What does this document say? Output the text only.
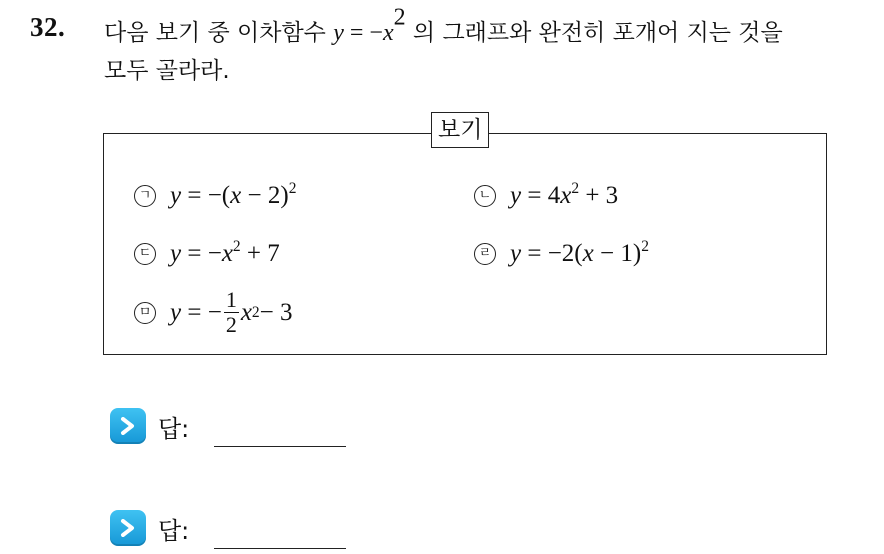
32. 다음 보기 중 이차함수 $y = -x^2$ 의 그래프와 완전히 포개어 지는 것을
모두 골라라.
보기
ㄱ $y = -(x - 2)^2$	ㄴ $y = 4x^2 + 3$
ㄷ $y = -x^2 + 7$	ㄹ $y = -2(x - 1)^2$
ㅁ y = − $\frac{1}{2}$ x 2 − 3
답:
답:
